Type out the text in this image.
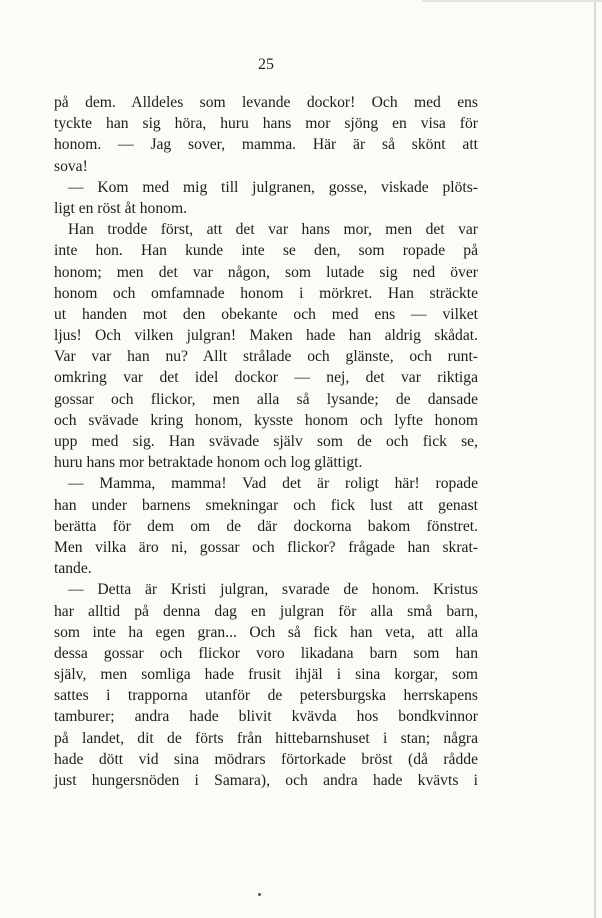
25
på dem. Alldeles som levande dockor! Och med ens
tyckte han sig höra, huru hans mor sjöng en visa för
honom. — Jag sover, mamma. Här är så skönt att
sova!
— Kom med mig till julgranen, gosse, viskade plöts-
ligt en röst åt honom.
Han trodde först, att det var hans mor, men det var
inte hon. Han kunde inte se den, som ropade på
honom; men det var någon, som lutade sig ned över
honom och omfamnade honom i mörkret. Han sträckte
ut handen mot den obekante och med ens — vilket
ljus! Och vilken julgran! Maken hade han aldrig skådat.
Var var han nu? Allt strålade och glänste, och runt-
omkring var det idel dockor — nej, det var riktiga
gossar och flickor, men alla så lysande; de dansade
och svävade kring honom, kysste honom och lyfte honom
upp med sig. Han svävade själv som de och fick se,
huru hans mor betraktade honom och log glättigt.
— Mamma, mamma! Vad det är roligt här! ropade
han under barnens smekningar och fick lust att genast
berätta för dem om de där dockorna bakom fönstret.
Men vilka äro ni, gossar och flickor? frågade han skrat-
tande.
— Detta är Kristi julgran, svarade de honom. Kristus
har alltid på denna dag en julgran för alla små barn,
som inte ha egen gran... Och så fick han veta, att alla
dessa gossar och flickor voro likadana barn som han
själv, men somliga hade frusit ihjäl i sina korgar, som
sattes i trapporna utanför de petersburgska herrskapens
tamburer; andra hade blivit kvävda hos bondkvinnor
på landet, dit de förts från hittebarnshuset i stan; några
hade dött vid sina mödrars förtorkade bröst (då rådde
just hungersnöden i Samara), och andra hade kvävts i
